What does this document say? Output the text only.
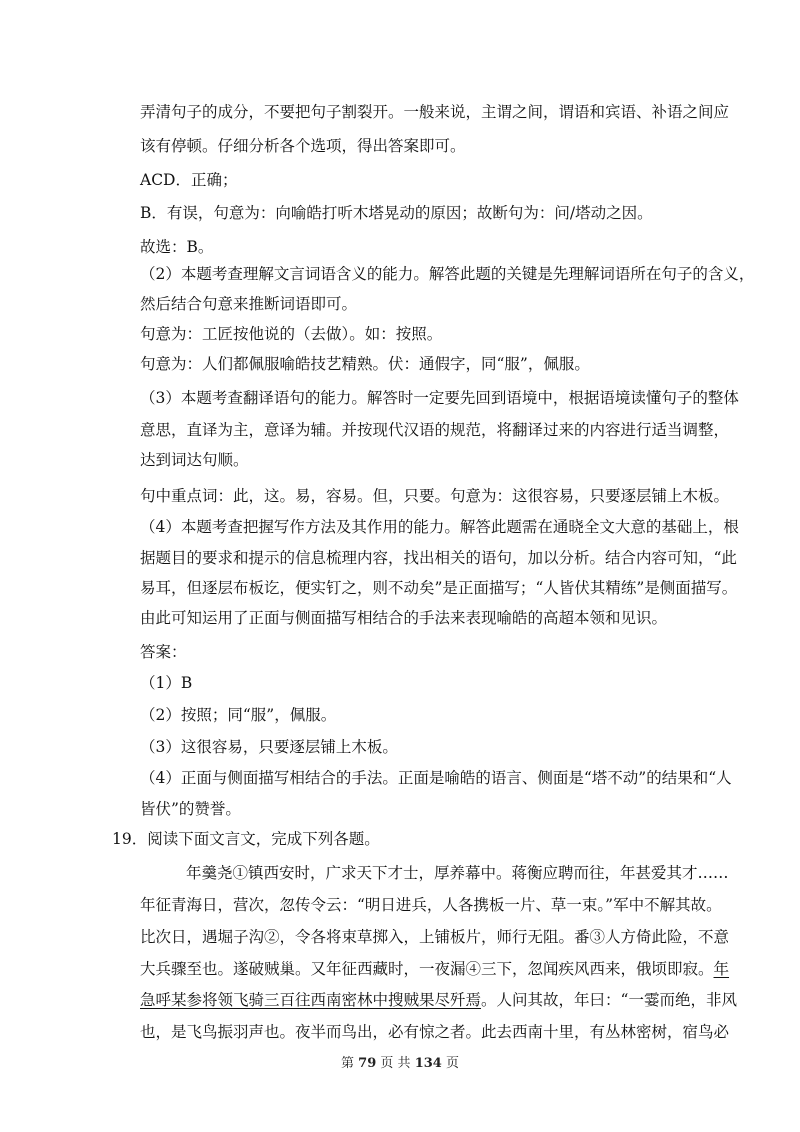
弄清句子的成分，不要把句子割裂开。一般来说，主谓之间，谓语和宾语、补语之间应
该有停顿。仔细分析各个选项，得出答案即可。
ACD．正确；
B．有误，句意为：向喻皓打听木塔晃动的原因；故断句为：问/塔动之因。
故选：B。
（2）本题考查理解文言词语含义的能力。解答此题的关键是先理解词语所在句子的含义，
然后结合句意来推断词语即可。
句意为：工匠按他说的（去做）。如：按照。
句意为：人们都佩服喻皓技艺精熟。伏：通假字，同“服”，佩服。
（3）本题考查翻译语句的能力。解答时一定要先回到语境中，根据语境读懂句子的整体
意思，直译为主，意译为辅。并按现代汉语的规范，将翻译过来的内容进行适当调整，
达到词达句顺。
句中重点词：此，这。易，容易。但，只要。句意为：这很容易，只要逐层铺上木板。
（4）本题考查把握写作方法及其作用的能力。解答此题需在通晓全文大意的基础上，根
据题目的要求和提示的信息梳理内容，找出相关的语句，加以分析。结合内容可知，“此
易耳，但逐层布板讫，便实钉之，则不动矣”是正面描写；“人皆伏其精练”是侧面描写。
由此可知运用了正面与侧面描写相结合的手法来表现喻皓的高超本领和见识。
答案：
（1）B
（2）按照；同“服”，佩服。
（3）这很容易，只要逐层铺上木板。
（4）正面与侧面描写相结合的手法。正面是喻皓的语言、侧面是“塔不动”的结果和“人
皆伏”的赞誉。
19．阅读下面文言文，完成下列各题。
年羹尧①镇西安时，广求天下才士，厚养幕中。蒋衡应聘而往，年甚爱其才……
年征青海日，营次，忽传令云：“明日进兵，人各携板一片、草一束。”军中不解其故。
比次日，遇堀子沟②，令各将束草掷入，上铺板片，师行无阻。番③人方倚此险，不意
大兵骤至也。遂破贼巢。又年征西藏时，一夜漏④三下，忽闻疾风西来，俄顷即寂。年
急呼某参将领飞骑三百往西南密林中搜贼果尽歼焉。人问其故，年曰：“一霎而绝，非风
也，是飞鸟振羽声也。夜半而鸟出，必有惊之者。此去西南十里，有丛林密树，宿鸟必
第 79 页 共 134 页
